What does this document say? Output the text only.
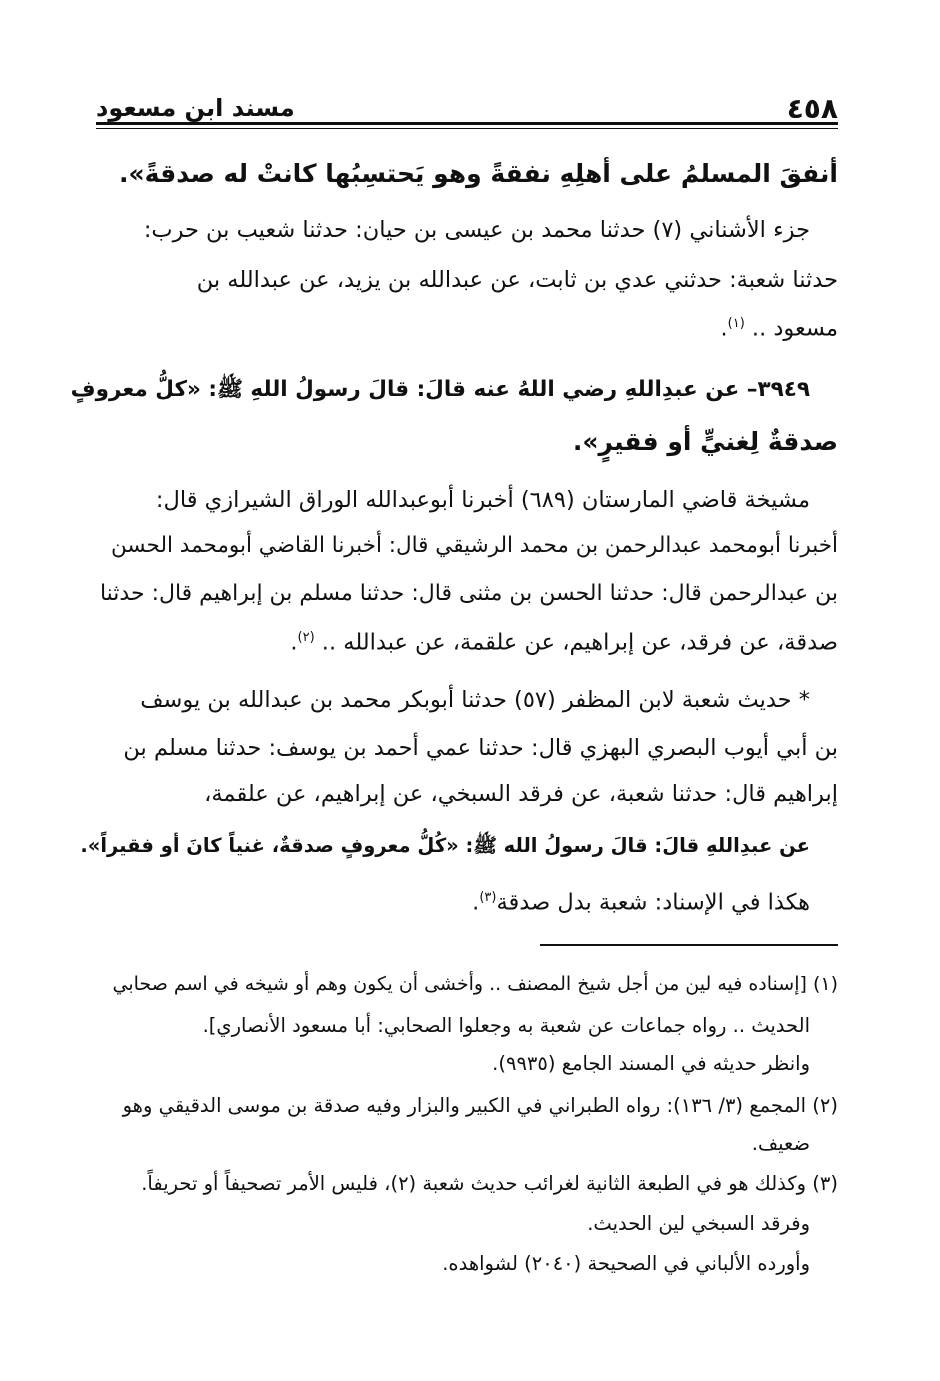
٤٥٨
مسند ابن مسعود
أنفقَ المسلمُ على أهلِهِ نفقةً وهو يَحتسِبُها كانتْ له صدقةً».
جزء الأشناني (٧) حدثنا محمد بن عيسى بن حيان: حدثنا شعيب بن حرب:
حدثنا شعبة: حدثني عدي بن ثابت، عن عبدالله بن يزيد، عن عبدالله بن
مسعود .. $^{(١)}$.
٣٩٤٩– عن عبدِاللهِ رضي اللهُ عنه قالَ: قالَ رسولُ اللهِ ﷺ: «كلُّ معروفٍ
صدقةٌ لِغنيٍّ أو فقيرٍ».
مشيخة قاضي المارستان (٦٨٩) أخبرنا أبوعبدالله الوراق الشيرازي قال:
أخبرنا أبومحمد عبدالرحمن بن محمد الرشيقي قال: أخبرنا القاضي أبومحمد الحسن
بن عبدالرحمن قال: حدثنا الحسن بن مثنى قال: حدثنا مسلم بن إبراهيم قال: حدثنا
صدقة، عن فرقد، عن إبراهيم، عن علقمة، عن عبدالله .. $^{(٢)}$.
* حديث شعبة لابن المظفر (٥٧) حدثنا أبوبكر محمد بن عبدالله بن يوسف
بن أبي أيوب البصري البهزي قال: حدثنا عمي أحمد بن يوسف: حدثنا مسلم بن
إبراهيم قال: حدثنا شعبة، عن فرقد السبخي، عن إبراهيم، عن علقمة،
عن عبدِاللهِ قالَ: قالَ رسولُ الله ﷺ: «كُلُّ معروفٍ صدقةٌ، غنياً كانَ أو فقيراً».
هكذا في الإسناد: شعبة بدل صدقة$^{(٣)}$.
(١) [إسناده فيه لين من أجل شيخ المصنف .. وأخشى أن يكون وهم أو شيخه في اسم صحابي
الحديث .. رواه جماعات عن شعبة به وجعلوا الصحابي: أبا مسعود الأنصاري].
وانظر حديثه في المسند الجامع (٩٩٣٥).
(٢) المجمع (٣/ ١٣٦): رواه الطبراني في الكبير والبزار وفيه صدقة بن موسى الدقيقي وهو
ضعيف.
(٣) وكذلك هو في الطبعة الثانية لغرائب حديث شعبة (٢)، فليس الأمر تصحيفاً أو تحريفاً.
وفرقد السبخي لين الحديث.
وأورده الألباني في الصحيحة (٢٠٤٠) لشواهده.
